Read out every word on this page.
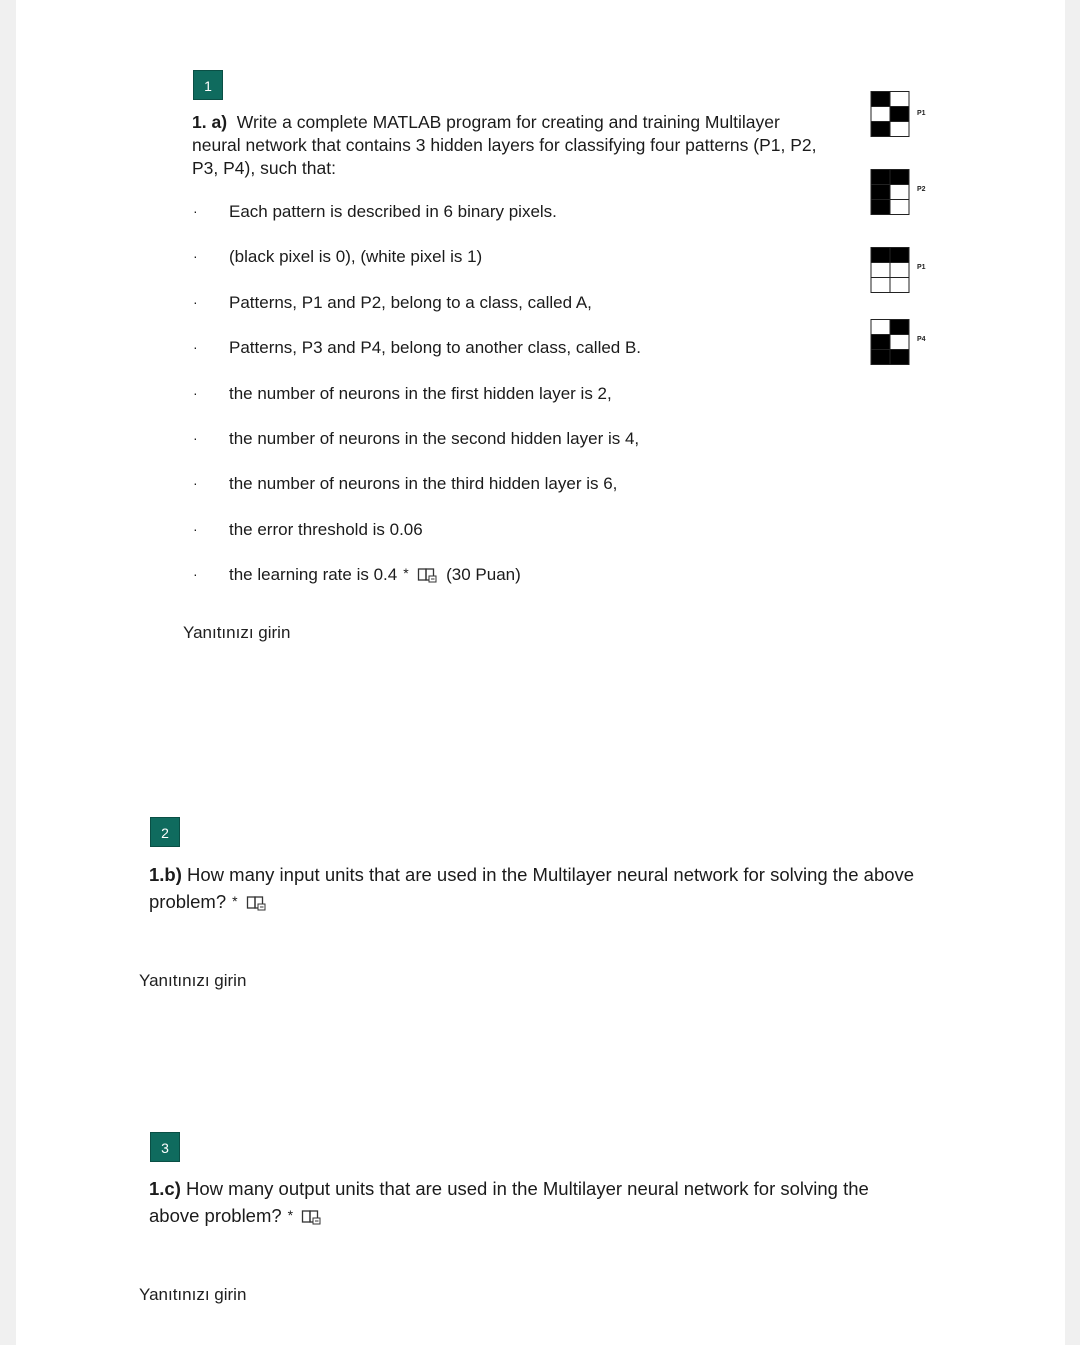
1
1. a) Write a complete MATLAB program for creating and training Multilayer neural network that contains 3 hidden layers for classifying four patterns (P1, P2, P3, P4), such that:
· Each pattern is described in 6 binary pixels.
· (black pixel is 0), (white pixel is 1)
· Patterns, P1 and P2, belong to a class, called A,
· Patterns, P3 and P4, belong to another class, called B.
· the number of neurons in the first hidden layer is 2,
· the number of neurons in the second hidden layer is 4,
· the number of neurons in the third hidden layer is 6,
· the error threshold is 0.06
· the learning rate is 0.4 * (30 Puan)
Yanıtınızı girin
P1
P2
P1
P4
2
1.b) How many input units that are used in the Multilayer neural network for solving the above problem? *
Yanıtınızı girin
3
1.c) How many output units that are used in the Multilayer neural network for solving the above problem? *
Yanıtınızı girin
